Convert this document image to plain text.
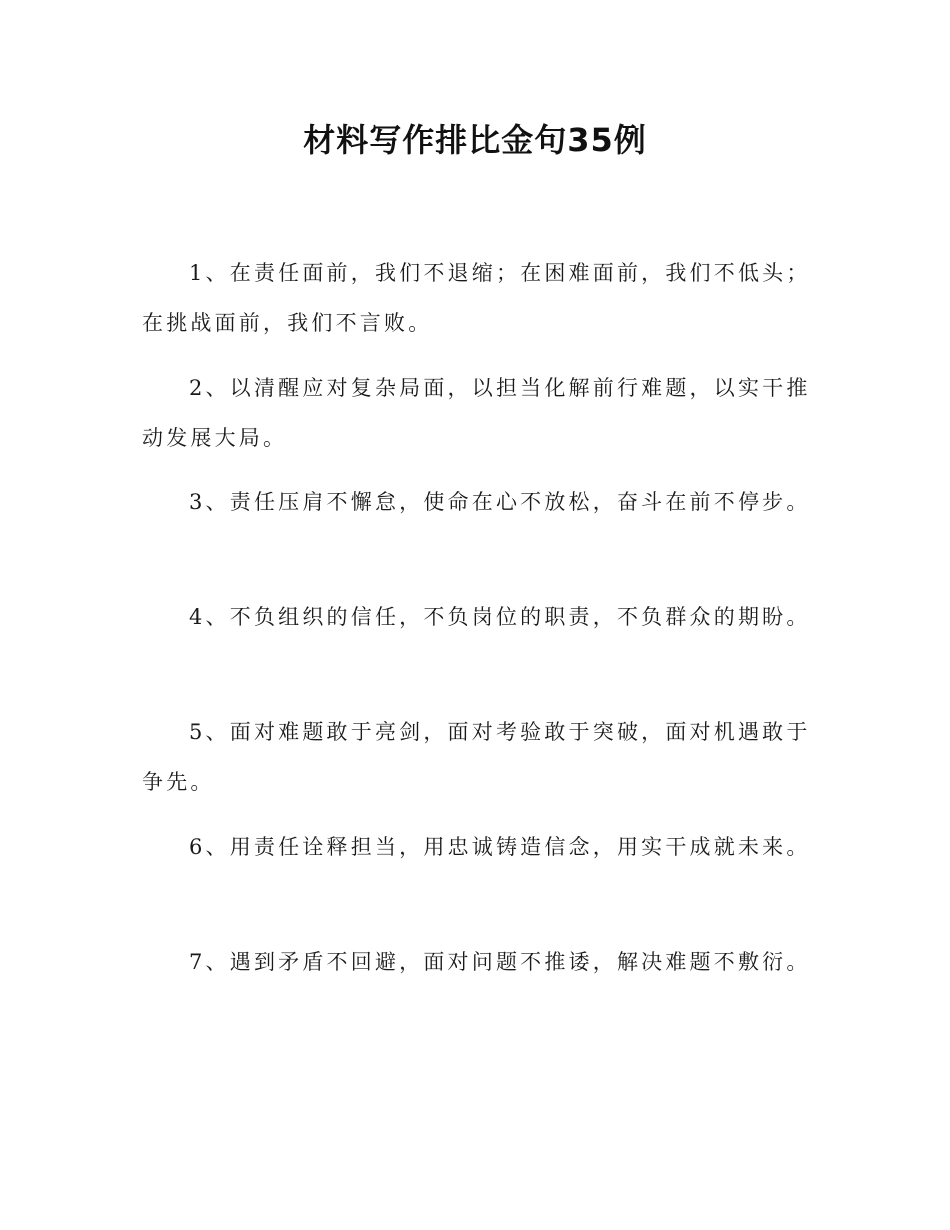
材料写作排比金句35例

1、在责任面前，我们不退缩；在困难面前，我们不低头；在挑战面前，我们不言败。

2、以清醒应对复杂局面，以担当化解前行难题，以实干推动发展大局。

3、责任压肩不懈怠，使命在心不放松，奋斗在前不停步。

4、不负组织的信任，不负岗位的职责，不负群众的期盼。

5、面对难题敢于亮剑，面对考验敢于突破，面对机遇敢于争先。

6、用责任诠释担当，用忠诚铸造信念，用实干成就未来。

7、遇到矛盾不回避，面对问题不推诿，解决难题不敷衍。
